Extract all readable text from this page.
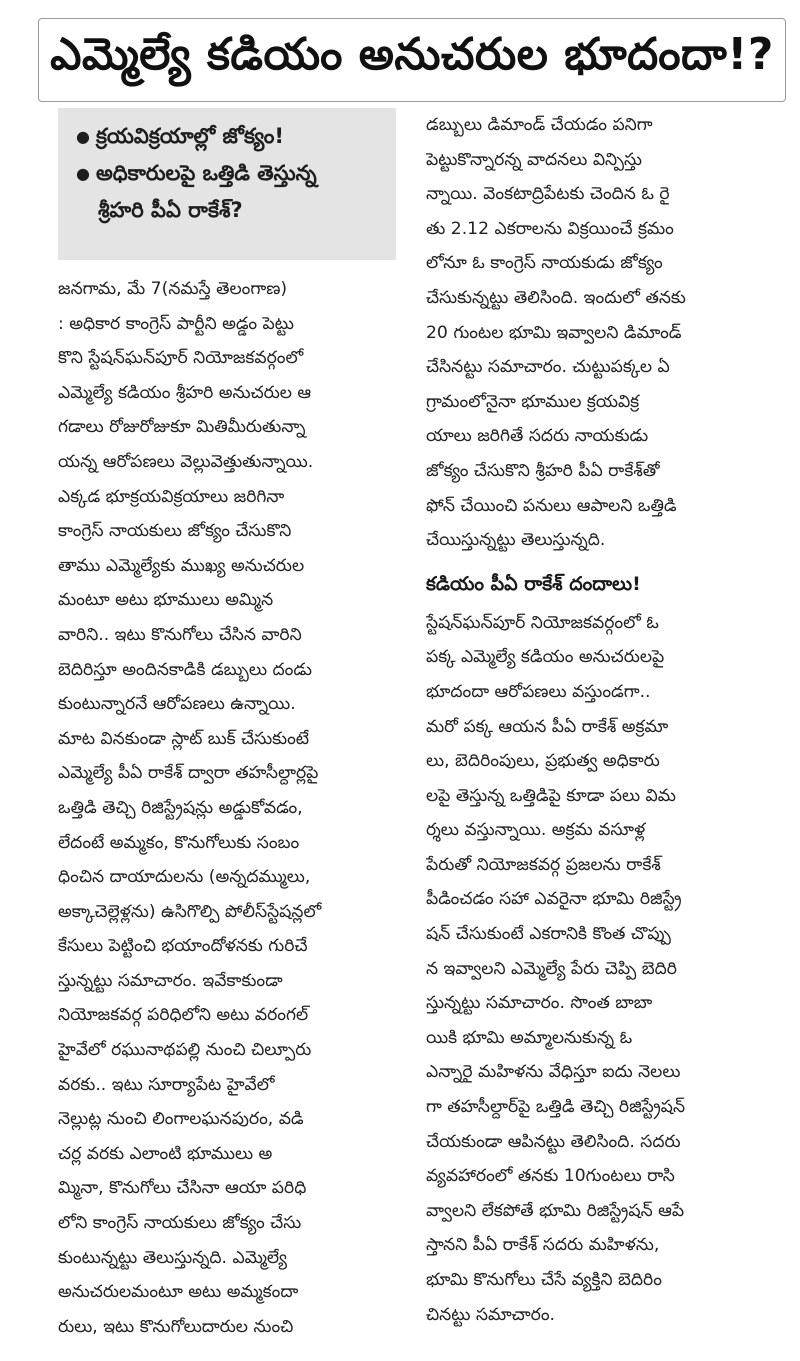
ఎమ్మెల్యే కడియం అనుచరుల భూదందా!?
● క్రయవిక్రయాల్లో జోక్యం!
● అధికారులపై ఒత్తిడి తెస్తున్న
శ్రీహరి పీఏ రాకేశ్‌?
జనగామ, మే 7(నమస్తే తెలంగాణ)
: అధికార కాంగ్రెస్‌ పార్టీని అడ్డం పెట్టు
కొని స్టేషన్‌ఘన్‌పూర్‌ నియోజకవర్గంలో
ఎమ్మెల్యే కడియం శ్రీహరి అనుచరుల ఆ
గడాలు రోజురోజుకూ మితిమీరుతున్నా
యన్న ఆరోపణలు వెల్లువెత్తుతున్నాయి.
ఎక్కడ భూక్రయవిక్రయాలు జరిగినా
కాంగ్రెస్‌ నాయకులు జోక్యం చేసుకొని
తాము ఎమ్మెల్యేకు ముఖ్య అనుచరుల
మంటూ అటు భూములు అమ్మిన
వారిని.. ఇటు కొనుగోలు చేసిన వారిని
బెదిరిస్తూ అందినకాడికి డబ్బులు దండు
కుంటున్నారనే ఆరోపణలు ఉన్నాయి.
మాట వినకుండా స్లాట్‌ బుక్‌ చేసుకుంటే
ఎమ్మెల్యే పీఏ రాకేశ్‌ ద్వారా తహసీల్దార్లపై
ఒత్తిడి తెచ్చి రిజిస్ట్రేషన్లు అడ్డుకోవడం,
లేదంటే అమ్మకం, కొనుగోలుకు సంబం
ధించిన దాయాదులను (అన్నదమ్ములు,
అక్కాచెల్లెళ్లను) ఉసిగొల్పి పోలీస్‌స్టేషన్లలో
కేసులు పెట్టించి భయాందోళనకు గురిచే
స్తున్నట్టు సమాచారం. ఇవేకాకుండా
నియోజకవర్గ పరిధిలోని అటు వరంగల్‌
హైవేలో రఘునాథపల్లి నుంచి చిల్పూరు
వరకు.. ఇటు సూర్యాపేట హైవేలో
నెల్లుట్ల నుంచి లింగాలఘనపురం, వడి
చర్ల వరకు ఎలాంటి భూములు అ
మ్మినా, కొనుగోలు చేసినా ఆయా పరిధి
లోని కాంగ్రెస్‌ నాయకులు జోక్యం చేసు
కుంటున్నట్టు తెలుస్తున్నది. ఎమ్మెల్యే
అనుచరులమంటూ అటు అమ్మకందా
రులు, ఇటు కొనుగోలుదారుల నుంచి
డబ్బులు డిమాండ్‌ చేయడం పనిగా
పెట్టుకొన్నారన్న వాదనలు విన్పిస్తు
న్నాయి. వెంకటాద్రిపేటకు చెందిన ఓ రై
తు 2.12 ఎకరాలను విక్రయించే క్రమం
లోనూ ఓ కాంగ్రెస్‌ నాయకుడు జోక్యం
చేసుకున్నట్టు తెలిసింది. ఇందులో తనకు
20 గుంటల భూమి ఇవ్వాలని డిమాండ్‌
చేసినట్టు సమాచారం. చుట్టుపక్కల ఏ
గ్రామంలోనైనా భూముల క్రయవిక్ర
యాలు జరిగితే సదరు నాయకుడు
జోక్యం చేసుకొని శ్రీహరి పీఏ రాకేశ్‌తో
ఫోన్‌ చేయించి పనులు ఆపాలని ఒత్తిడి
చేయిస్తున్నట్టు తెలుస్తున్నది.
కడియం పీఏ రాకేశ్‌ దందాలు!
స్టేషన్‌ఘన్‌పూర్‌ నియోజకవర్గంలో ఓ
పక్క ఎమ్మెల్యే కడియం అనుచరులపై
భూదందా ఆరోపణలు వస్తుండగా..
మరో పక్క ఆయన పీఏ రాకేశ్‌ అక్రమా
లు, బెదిరింపులు, ప్రభుత్వ అధికారు
లపై తెస్తున్న ఒత్తిడిపై కూడా పలు విమ
ర్శలు వస్తున్నాయి. అక్రమ వసూళ్ల
పేరుతో నియోజకవర్గ ప్రజలను రాకేశ్‌
పీడించడం సహా ఎవరైనా భూమి రిజిస్ట్రే
షన్‌ చేసుకుంటే ఎకరానికి కొంత చొప్పు
న ఇవ్వాలని ఎమ్మెల్యే పేరు చెప్పి బెదిరి
స్తున్నట్టు సమాచారం. సొంత బాబా
యికి భూమి అమ్మాలనుకున్న ఓ
ఎన్నారై మహిళను వేధిస్తూ ఐదు నెలలు
గా తహసీల్దార్‌పై ఒత్తిడి తెచ్చి రిజిస్ట్రేషన్‌
చేయకుండా ఆపినట్టు తెలిసింది. సదరు
వ్యవహారంలో తనకు 10గుంటలు రాసి
వ్వాలని లేకపోతే భూమి రిజిస్ట్రేషన్‌ ఆపే
స్తానని పీఏ రాకేశ్‌ సదరు మహిళను,
భూమి కొనుగోలు చేసే వ్యక్తిని బెదిరిం
చినట్టు సమాచారం.
